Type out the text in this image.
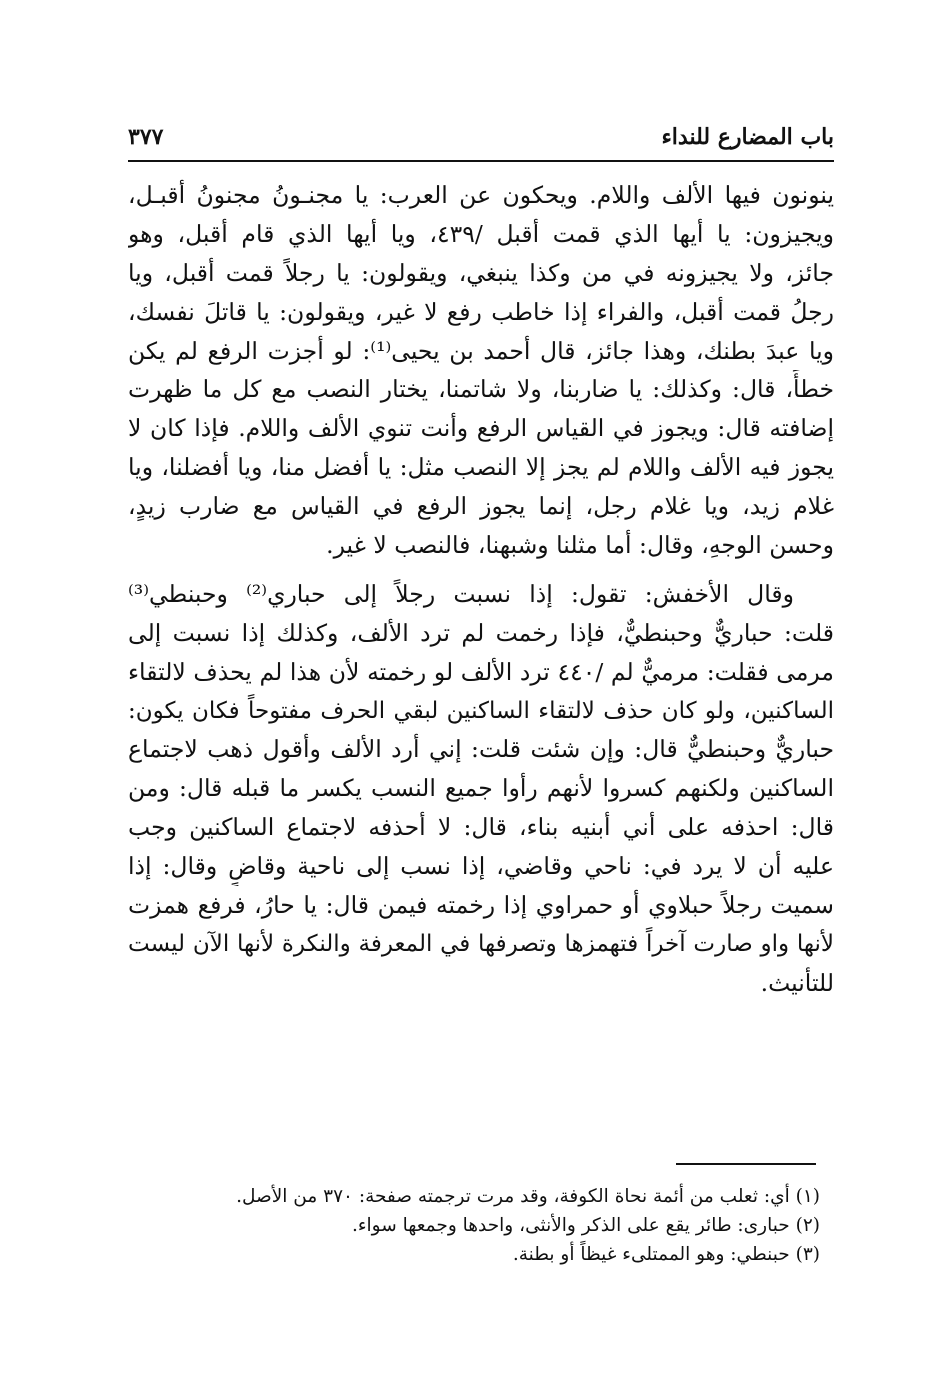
باب المضارع للنداء
٣٧٧
ينونون فيها الألف واللام. ويحكون عن العرب: يا مجنـونُ مجنونُ أقبـل،
ويجيزون: يا أيها الذي قمت أقبل /٤٣٩، ويا أيها الذي قام أقبل، وهو
جائز، ولا يجيزونه في من وكذا ينبغي، ويقولون: يا رجلاً قمت أقبل، ويا
رجلُ قمت أقبل، والفراء إذا خاطب رفع لا غير، ويقولون: يا قاتلَ نفسك،
ويا عبدَ بطنك، وهذا جائز، قال أحمد بن يحيى⁽¹⁾: لو أجزت الرفع لم يكن
خطأً، قال: وكذلك: يا ضاربنا، ولا شاتمنا، يختار النصب مع كل ما ظهرت
إضافته قال: ويجوز في القياس الرفع وأنت تنوي الألف واللام. فإذا كان لا
يجوز فيه الألف واللام لم يجز إلا النصب مثل: يا أفضل منا، ويا أفضلنا، ويا
غلام زيد، ويا غلام رجل، إنما يجوز الرفع في القياس مع ضارب زيدٍ،
وحسن الوجهِ، وقال: أما مثلنا وشبهنا، فالنصب لا غير.
وقال الأخفش: تقول: إذا نسبت رجلاً إلى حباري⁽²⁾ وحبنطي⁽³⁾
قلت: حباريٌّ وحبنطيٌّ، فإذا رخمت لم ترد الألف، وكذلك إذا نسبت إلى
مرمى فقلت: مرميٌّ لم /٤٤٠ ترد الألف لو رخمته لأن هذا لم يحذف لالتقاء
الساكنين، ولو كان حذف لالتقاء الساكنين لبقي الحرف مفتوحاً فكان يكون:
حباريٌّ وحبنطيٌّ قال: وإن شئت قلت: إني أرد الألف وأقول ذهب لاجتماع
الساكنين ولكنهم كسروا لأنهم رأوا جميع النسب يكسر ما قبله قال: ومن
قال: احذفه على أني أبنيه بناء، قال: لا أحذفه لاجتماع الساكنين وجب
عليه أن لا يرد في: ناحي وقاضي، إذا نسب إلى ناحية وقاضٍ وقال: إذا
سميت رجلاً حبلاوي أو حمراوي إذا رخمته فيمن قال: يا حارُ، فرفع همزت
لأنها واو صارت آخراً فتهمزها وتصرفها في المعرفة والنكرة لأنها الآن ليست
للتأنيث.
(١) أي: ثعلب من أئمة نحاة الكوفة، وقد مرت ترجمته صفحة: ٣٧٠ من الأصل.
(٢) حبارى: طائر يقع على الذكر والأنثى، واحدها وجمعها سواء.
(٣) حبنطي: وهو الممتلىء غيظاً أو بطنة.
